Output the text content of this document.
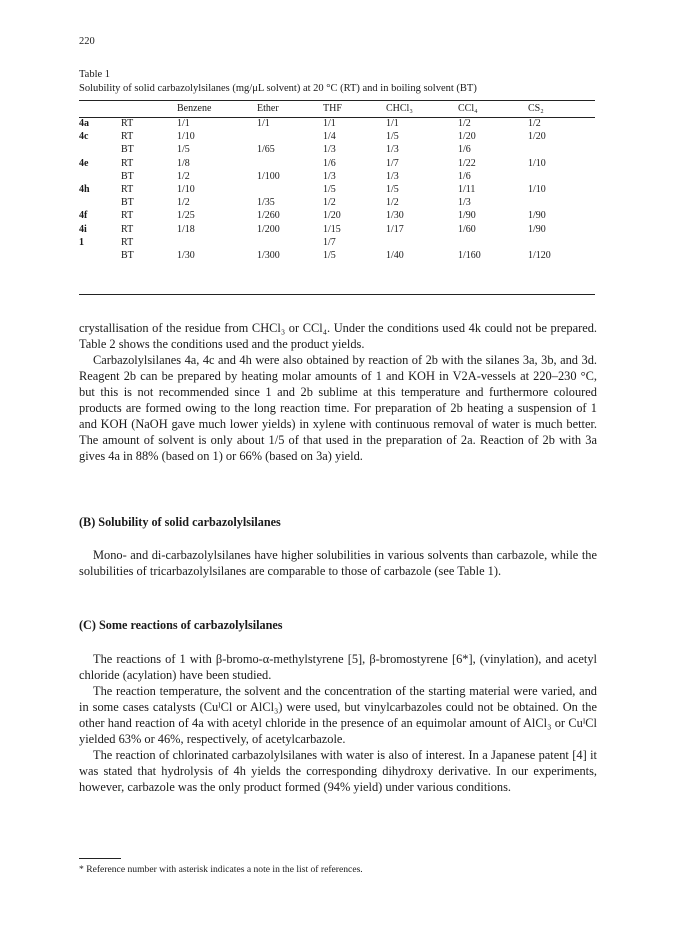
220
Table 1
Solubility of solid carbazolylsilanes (mg/μL solvent) at 20 °C (RT) and in boiling solvent (BT)
		Benzene	Ether	THF	CHCl₃	CCl₄	CS₂
4a	RT	1/1	1/1	1/1	1/1	1/2	1/2
4c	RT	1/10		1/4	1/5	1/20	1/20
	BT	1/5	1/65	1/3	1/3	1/6	
4e	RT	1/8		1/6	1/7	1/22	1/10
	BT	1/2	1/100	1/3	1/3	1/6	
4h	RT	1/10		1/5	1/5	1/11	1/10
	BT	1/2	1/35	1/2	1/2	1/3	
4f	RT	1/25	1/260	1/20	1/30	1/90	1/90
4i	RT	1/18	1/200	1/15	1/17	1/60	1/90
1	RT			1/7			
	BT	1/30	1/300	1/5	1/40	1/160	1/120

crystallisation of the residue from CHCl₃ or CCl₄. Under the conditions used 4k could not be prepared. Table 2 shows the conditions used and the product yields.

Carbazolylsilanes 4a, 4c and 4h were also obtained by reaction of 2b with the silanes 3a, 3b, and 3d. Reagent 2b can be prepared by heating molar amounts of 1 and KOH in V2A-vessels at 220–230 °C, but this is not recommended since 1 and 2b sublime at this temperature and furthermore coloured products are formed owing to the long reaction time. For preparation of 2b heating a suspension of 1 and KOH (NaOH gave much lower yields) in xylene with continuous removal of water is much better. The amount of solvent is only about 1/5 of that used in the preparation of 2a. Reaction of 2b with 3a gives 4a in 88% (based on 1) or 66% (based on 3a) yield.

(B) Solubility of solid carbazolylsilanes

Mono- and di-carbazolylsilanes have higher solubilities in various solvents than carbazole, while the solubilities of tricarbazolylsilanes are comparable to those of carbazole (see Table 1).

(C) Some reactions of carbazolylsilanes

The reactions of 1 with β-bromo-α-methylstyrene [5], β-bromostyrene [6*], (vinylation), and acetyl chloride (acylation) have been studied.

The reaction temperature, the solvent and the concentration of the starting material were varied, and in some cases catalysts (CuᴵCl or AlCl₃) were used, but vinylcarbazoles could not be obtained. On the other hand reaction of 4a with acetyl chloride in the presence of an equimolar amount of AlCl₃ or CuᴵCl yielded 63% or 46%, respectively, of acetylcarbazole.

The reaction of chlorinated carbazolylsilanes with water is also of interest. In a Japanese patent [4] it was stated that hydrolysis of 4h yields the corresponding dihydroxy derivative. In our experiments, however, carbazole was the only product formed (94% yield) under various conditions.

* Reference number with asterisk indicates a note in the list of references.
